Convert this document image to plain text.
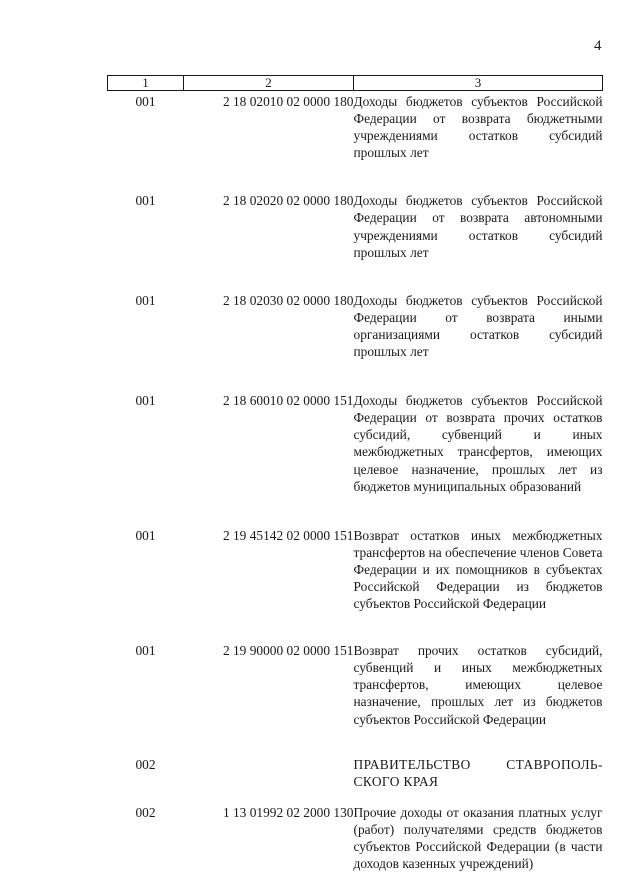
4
1	2	3
001	2 18 02010 02 0000 180	Доходы бюджетов субъектов Российской Федерации от возврата бюджетными учреждениями остатков субсидий прошлых лет
001	2 18 02020 02 0000 180	Доходы бюджетов субъектов Российской Федерации от возврата автономными учреждениями остатков субсидий прошлых лет
001	2 18 02030 02 0000 180	Доходы бюджетов субъектов Российской Федерации от возврата иными организациями остатков субсидий прошлых лет
001	2 18 60010 02 0000 151	Доходы бюджетов субъектов Российской Федерации от возврата прочих остатков субсидий, субвенций и иных межбюджетных трансфертов, имеющих целевое назначение, прошлых лет из бюджетов муниципальных образований
001	2 19 45142 02 0000 151	Возврат остатков иных межбюджетных трансфертов на обеспечение членов Совета Федерации и их помощников в субъектах Российской Федерации из бюджетов субъектов Российской Федерации
001	2 19 90000 02 0000 151	Возврат прочих остатков субсидий, субвенций и иных межбюджетных трансфертов, имеющих целевое назначение, прошлых лет из бюджетов субъектов Российской Федерации
002		ПРАВИТЕЛЬСТВО СТАВРОПОЛЬСКОГО КРАЯ
002	1 13 01992 02 2000 130	Прочие доходы от оказания платных услуг (работ) получателями средств бюджетов субъектов Российской Федерации (в части доходов казенных учреждений)
